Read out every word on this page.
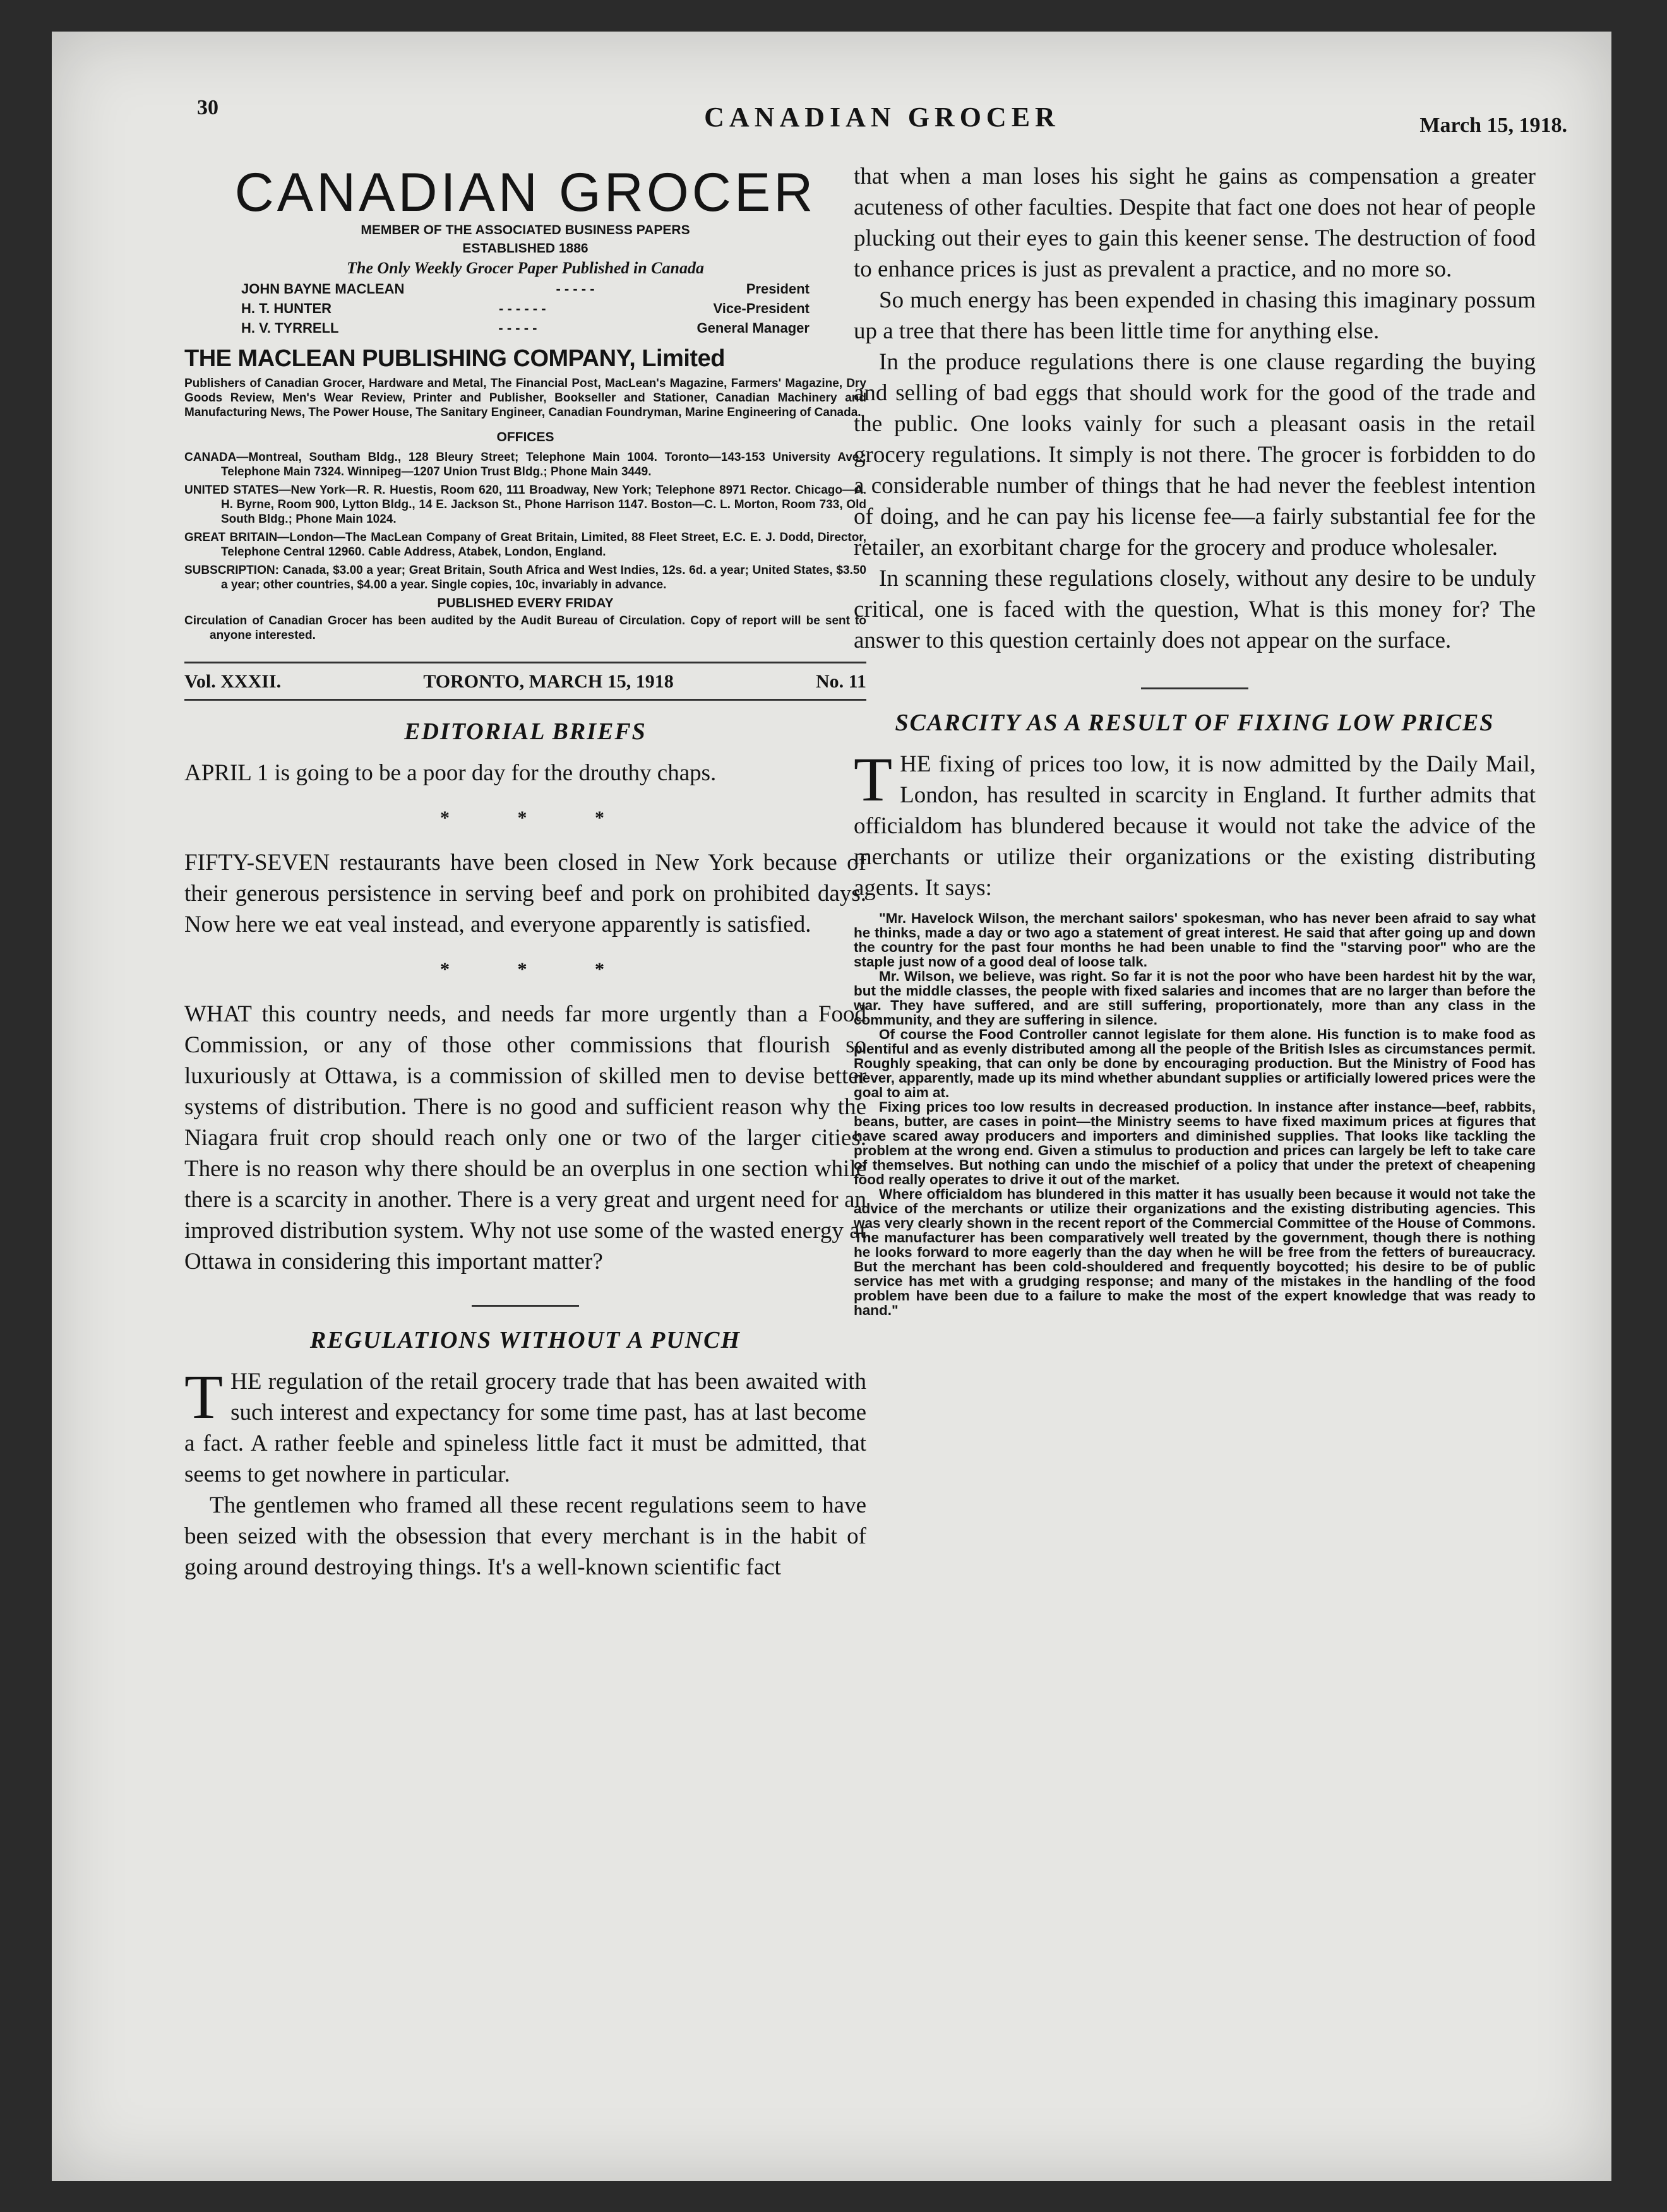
30	CANADIAN GROCER	March 15, 1918.
CANADIAN GROCER

MEMBER OF THE ASSOCIATED BUSINESS PAPERS

ESTABLISHED 1886

The Only Weekly Grocer Paper Published in Canada

JOHN BAYNE MACLEAN	- - - - -	President
H. T. HUNTER	- - - - - -	Vice-President
H. V. TYRRELL	- - - - -	General Manager
THE MACLEAN PUBLISHING COMPANY, Limited

Publishers of Canadian Grocer, Hardware and Metal, The Financial Post, MacLean's Magazine, Farmers' Magazine, Dry Goods Review, Men's Wear Review, Printer and Publisher, Bookseller and Stationer, Canadian Machinery and Manufacturing News, The Power House, The Sanitary Engineer, Canadian Foundryman, Marine Engineering of Canada.

OFFICES

CANADA—Montreal, Southam Bldg., 128 Bleury Street; Telephone Main 1004. Toronto—143-153 University Ave.; Telephone Main 7324. Winnipeg—1207 Union Trust Bldg.; Phone Main 3449.

UNITED STATES—New York—R. R. Huestis, Room 620, 111 Broadway, New York; Telephone 8971 Rector. Chicago—A. H. Byrne, Room 900, Lytton Bldg., 14 E. Jackson St., Phone Harrison 1147. Boston—C. L. Morton, Room 733, Old South Bldg.; Phone Main 1024.

GREAT BRITAIN—London—The MacLean Company of Great Britain, Limited, 88 Fleet Street, E.C. E. J. Dodd, Director, Telephone Central 12960. Cable Address, Atabek, London, England.

SUBSCRIPTION: Canada, $3.00 a year; Great Britain, South Africa and West Indies, 12s. 6d. a year; United States, $3.50 a year; other countries, $4.00 a year. Single copies, 10c, invariably in advance.

PUBLISHED EVERY FRIDAY

Circulation of Canadian Grocer has been audited by the Audit Bureau of Circulation. Copy of report will be sent to anyone interested.

Vol. XXXII.	TORONTO, MARCH 15, 1918	No. 11
EDITORIAL BRIEFS

APRIL 1 is going to be a poor day for the drouthy chaps.

* * *

FIFTY-SEVEN restaurants have been closed in New York because of their generous persistence in serving beef and pork on prohibited days. Now here we eat veal instead, and everyone apparently is satisfied.

* * *

WHAT this country needs, and needs far more urgently than a Food Commission, or any of those other commissions that flourish so luxuriously at Ottawa, is a commission of skilled men to devise better systems of distribution. There is no good and sufficient reason why the Niagara fruit crop should reach only one or two of the larger cities. There is no reason why there should be an overplus in one section while there is a scarcity in another. There is a very great and urgent need for an improved distribution system. Why not use some of the wasted energy at Ottawa in considering this important matter?

REGULATIONS WITHOUT A PUNCH

THE regulation of the retail grocery trade that has been awaited with such interest and expectancy for some time past, has at last become a fact. A rather feeble and spineless little fact it must be admitted, that seems to get nowhere in particular.

The gentlemen who framed all these recent regulations seem to have been seized with the obsession that every merchant is in the habit of going around destroying things. It's a well-known scientific fact

that when a man loses his sight he gains as compensation a greater acuteness of other faculties. Despite that fact one does not hear of people plucking out their eyes to gain this keener sense. The destruction of food to enhance prices is just as prevalent a practice, and no more so.

So much energy has been expended in chasing this imaginary possum up a tree that there has been little time for anything else.

In the produce regulations there is one clause regarding the buying and selling of bad eggs that should work for the good of the trade and the public. One looks vainly for such a pleasant oasis in the retail grocery regulations. It simply is not there. The grocer is forbidden to do a considerable number of things that he had never the feeblest intention of doing, and he can pay his license fee—a fairly substantial fee for the retailer, an exorbitant charge for the grocery and produce wholesaler.

In scanning these regulations closely, without any desire to be unduly critical, one is faced with the question, What is this money for? The answer to this question certainly does not appear on the surface.

SCARCITY AS A RESULT OF FIXING LOW PRICES

THE fixing of prices too low, it is now admitted by the Daily Mail, London, has resulted in scarcity in England. It further admits that officialdom has blundered because it would not take the advice of the merchants or utilize their organizations or the existing distributing agents. It says:

"Mr. Havelock Wilson, the merchant sailors' spokesman, who has never been afraid to say what he thinks, made a day or two ago a statement of great interest. He said that after going up and down the country for the past four months he had been unable to find the "starving poor" who are the staple just now of a good deal of loose talk.

Mr. Wilson, we believe, was right. So far it is not the poor who have been hardest hit by the war, but the middle classes, the people with fixed salaries and incomes that are no larger than before the war. They have suffered, and are still suffering, proportionately, more than any class in the community, and they are suffering in silence.

Of course the Food Controller cannot legislate for them alone. His function is to make food as plentiful and as evenly distributed among all the people of the British Isles as circumstances permit. Roughly speaking, that can only be done by encouraging production. But the Ministry of Food has never, apparently, made up its mind whether abundant supplies or artificially lowered prices were the goal to aim at.

Fixing prices too low results in decreased production. In instance after instance—beef, rabbits, beans, butter, are cases in point—the Ministry seems to have fixed maximum prices at figures that have scared away producers and importers and diminished supplies. That looks like tackling the problem at the wrong end. Given a stimulus to production and prices can largely be left to take care of themselves. But nothing can undo the mischief of a policy that under the pretext of cheapening food really operates to drive it out of the market.

Where officialdom has blundered in this matter it has usually been because it would not take the advice of the merchants or utilize their organizations and the existing distributing agencies. This was very clearly shown in the recent report of the Commercial Committee of the House of Commons. The manufacturer has been comparatively well treated by the government, though there is nothing he looks forward to more eagerly than the day when he will be free from the fetters of bureaucracy. But the merchant has been cold-shouldered and frequently boycotted; his desire to be of public service has met with a grudging response; and many of the mistakes in the handling of the food problem have been due to a failure to make the most of the expert knowledge that was ready to hand."
